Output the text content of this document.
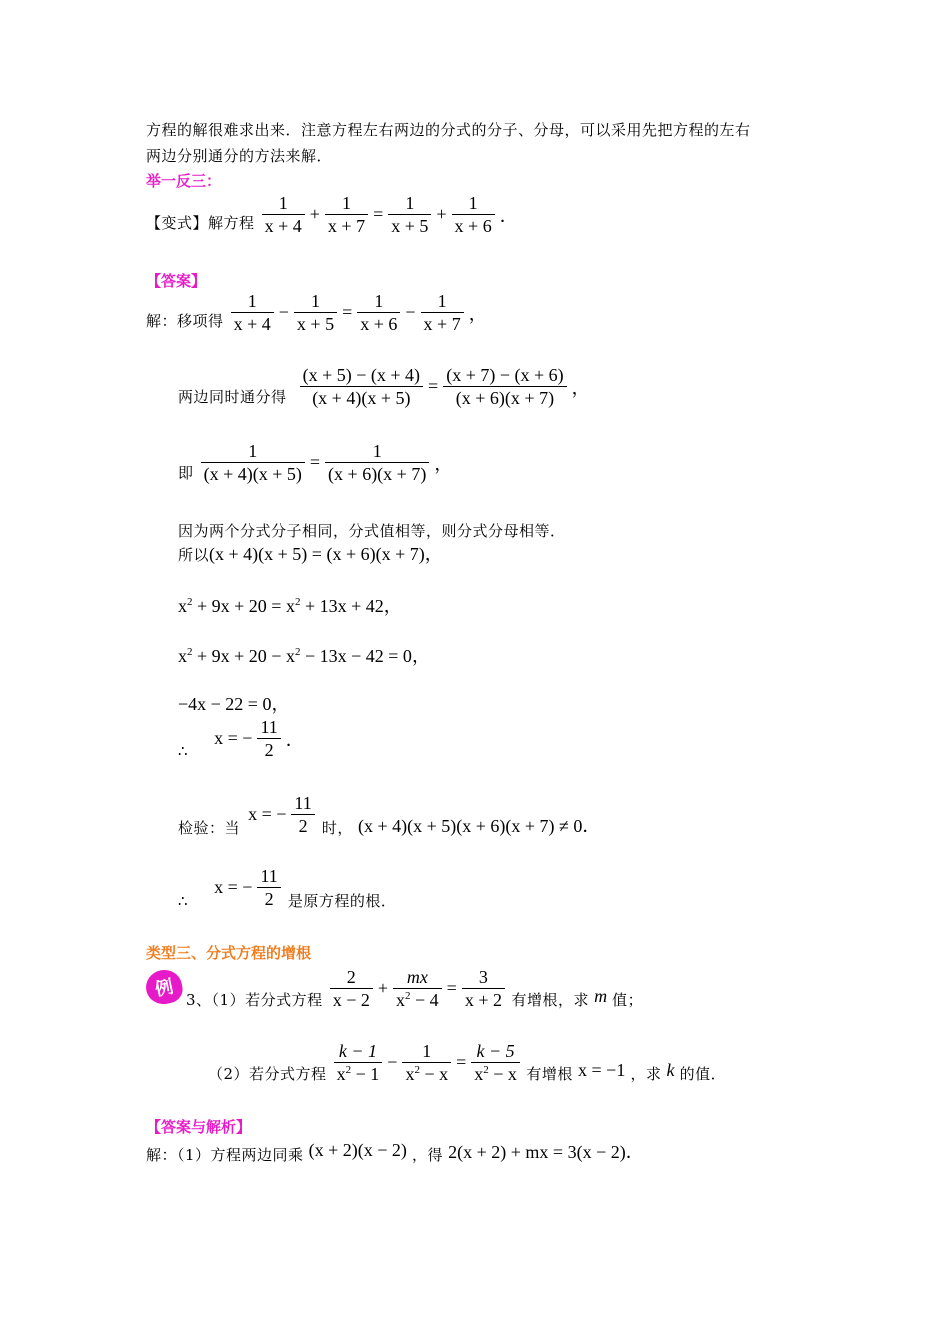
方程的解很难求出来．注意方程左右两边的分式的分子、分母，可以采用先把方程的左右
两边分别通分的方法来解．
举一反三：
【变式】解方程 $\frac{1}{x + 4} + \frac{1}{x + 7} = \frac{1}{x + 5} + \frac{1}{x + 6}$ ．
【答案】
解：移项得 $\frac{1}{x + 4} - \frac{1}{x + 5} = \frac{1}{x + 6} - \frac{1}{x + 7}$ ，
两边同时通分得 $\frac{(x + 5) - (x + 4)}{(x + 4)(x + 5)} = \frac{(x + 7) - (x + 6)}{(x + 6)(x + 7)}$ ，
即 $\frac{1}{(x + 4)(x + 5)} = \frac{1}{(x + 6)(x + 7)}$ ，
因为两个分式分子相同，分式值相等，则分式分母相等．
所以(x + 4)(x + 5) = (x + 6)(x + 7)，
$x^2 + 9x + 20 = x^2 + 13x + 42$，
$x^2 + 9x + 20 - x^2 - 13x - 42 = 0$，
−4x − 22 = 0，
∴ x = − $\frac{11}{2}$ ．
检验：当 x = − $\frac{11}{2}$ 时， (x + 4)(x + 5)(x + 6)(x + 7) ≠ 0．
∴ x = − $\frac{11}{2}$ 是原方程的根．
类型三、分式方程的增根
例 3、（1）若分式方程 $\frac{2}{x - 2} + \frac{mx}{x^2 - 4} = \frac{3}{x + 2}$ 有增根，求 m 值；
（2）若分式方程 $\frac{k - 1}{x^2 - 1} - \frac{1}{x^2 - x} = \frac{k - 5}{x^2 - x}$ 有增根 x = −1 ，求 k 的值．
【答案与解析】
解：（1）方程两边同乘 (x + 2)(x − 2) ，得 2(x + 2) + mx = 3(x − 2)．
